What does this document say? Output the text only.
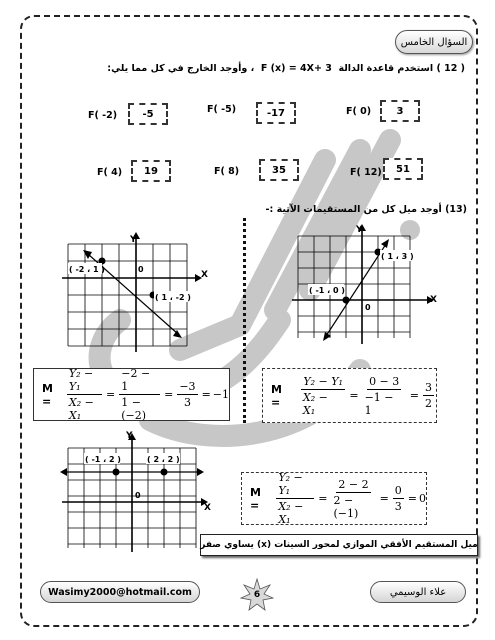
السؤال الخامس
( 12 ) استخدم قاعدة الدالة  F (x) = 4X+ 3  ، وأوجد الخارج في كل مما يلي:
F( -2)	-5	F( -5)	-17	F( 0)	3
F( 4)	19	F( 8)	35	F( 12)	51
(13) أوجد ميل كل من المستقيمات الآتية :-
Y
X
0
( -2 ، 1 )
( 1 ، -2 )
Y
X
0
( 1 ، 3 )
( -1 ، 0 )
M =	$\frac{\text{Y₂ − Y₁}}{\text{X₂ − X₁}} = \frac{-2 - 1}{1 - (-2)} = \frac{-3}{3} = -1$	M =	$\frac{\text{Y₂ − Y₁}}{\text{X₂ − X₁}} = \frac{0 - 3}{-1 - 1} = \frac{3}{2}$
Y
X
0
( -1 ، 2 )	( 2 ، 2 )
M =	$\frac{\text{Y₂ − Y₁}}{\text{X₂ − X₁}} = \frac{2 - 2}{2 - (-1)} = \frac{0}{3} = 0$
ميل المستقيم الأفقي الموازي لمحور السينات (x) يساوي صفر
Wasimy2000@hotmail.com	6	علاء الوسيمي
